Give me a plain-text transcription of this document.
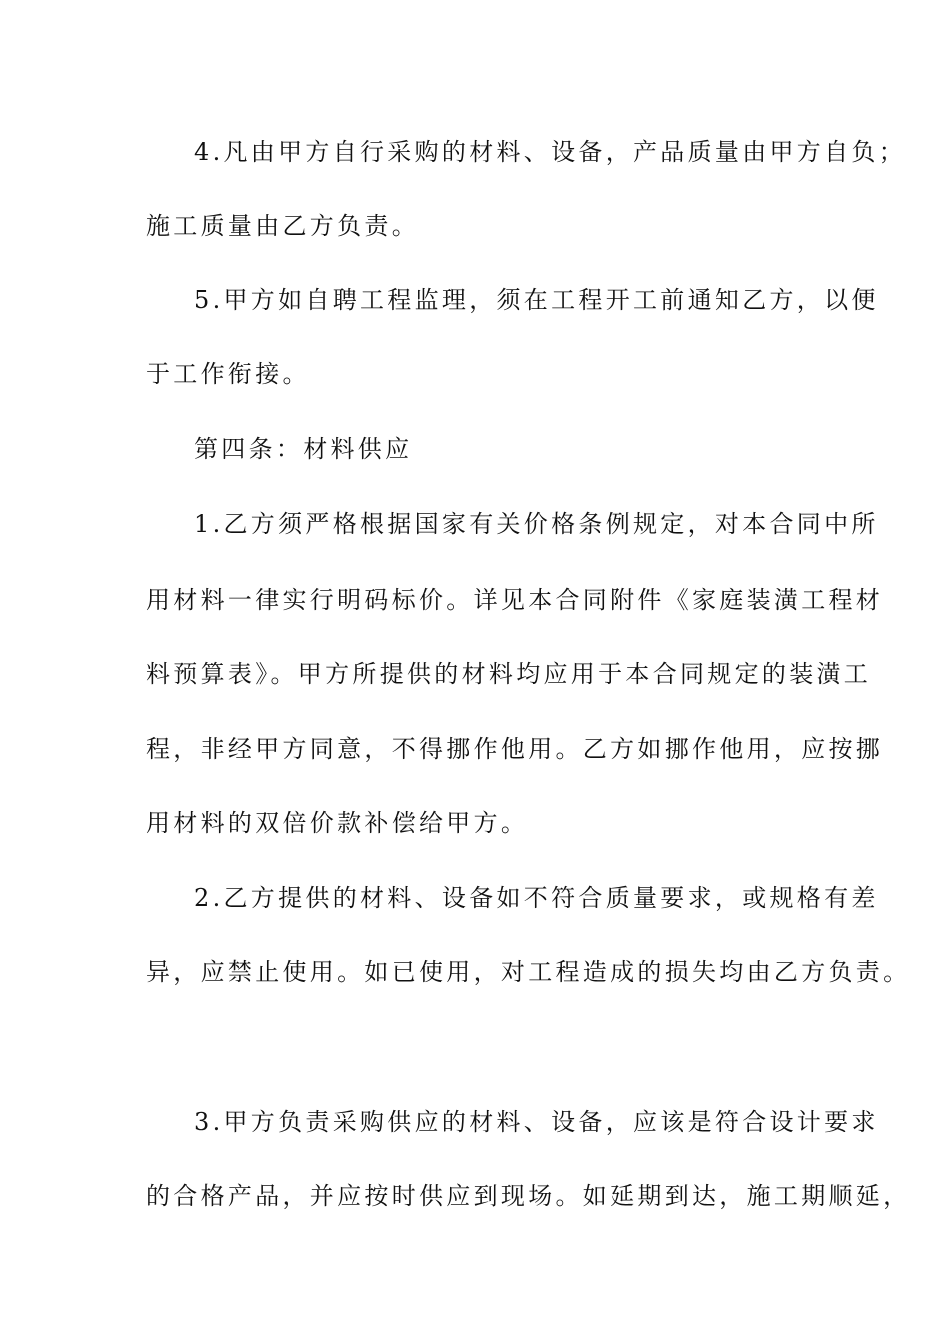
4.凡由甲方自行采购的材料、设备，产品质量由甲方自负；
施工质量由乙方负责。
5.甲方如自聘工程监理，须在工程开工前通知乙方，以便
于工作衔接。
第四条：材料供应
1.乙方须严格根据国家有关价格条例规定，对本合同中所
用材料一律实行明码标价。详见本合同附件《家庭装潢工程材
料预算表》。甲方所提供的材料均应用于本合同规定的装潢工
程，非经甲方同意，不得挪作他用。乙方如挪作他用，应按挪
用材料的双倍价款补偿给甲方。
2.乙方提供的材料、设备如不符合质量要求，或规格有差
异，应禁止使用。如已使用，对工程造成的损失均由乙方负责。
3.甲方负责采购供应的材料、设备，应该是符合设计要求
的合格产品，并应按时供应到现场。如延期到达，施工期顺延，
